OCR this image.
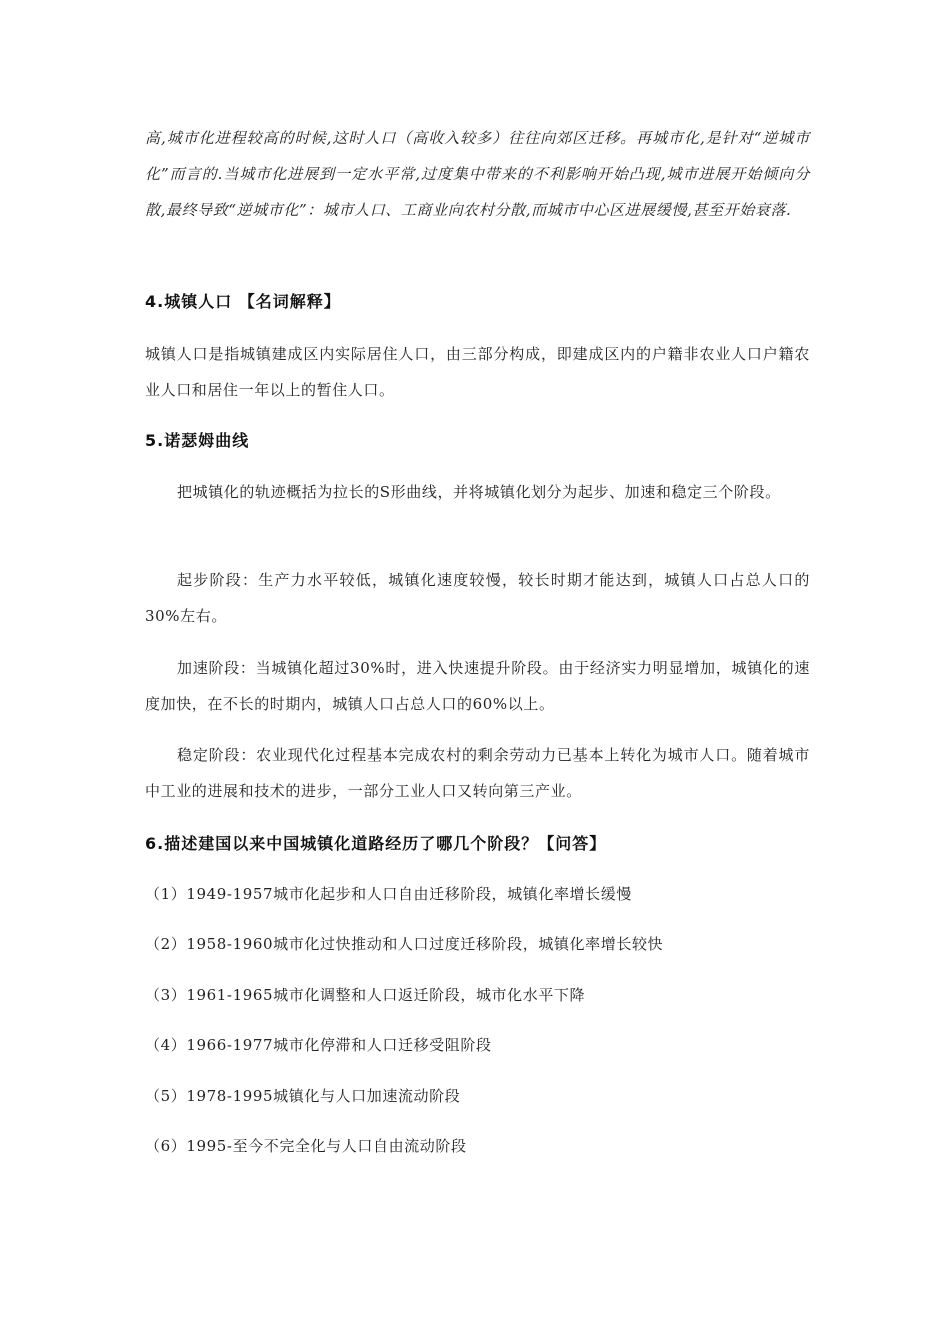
高,城市化进程较高的时候,这时人口（高收入较多）往往向郊区迁移。再城市化,是针对“逆城市化”而言的.当城市化进展到一定水平常,过度集中带来的不利影响开始凸现,城市进展开始倾向分散,最终导致“逆城市化”：城市人口、工商业向农村分散,而城市中心区进展缓慢,甚至开始衰落.

4.城镇人口 【名词解释】

城镇人口是指城镇建成区内实际居住人口，由三部分构成，即建成区内的户籍非农业人口户籍农业人口和居住一年以上的暂住人口。

5.诺瑟姆曲线

把城镇化的轨迹概括为拉长的S形曲线，并将城镇化划分为起步、加速和稳定三个阶段。

起步阶段：生产力水平较低，城镇化速度较慢，较长时期才能达到，城镇人口占总人口的30%左右。

加速阶段：当城镇化超过30%时，进入快速提升阶段。由于经济实力明显增加，城镇化的速度加快，在不长的时期内，城镇人口占总人口的60%以上。

稳定阶段：农业现代化过程基本完成农村的剩余劳动力已基本上转化为城市人口。随着城市中工业的进展和技术的进步，一部分工业人口又转向第三产业。

6.描述建国以来中国城镇化道路经历了哪几个阶段？【问答】

（1）1949-1957城市化起步和人口自由迁移阶段，城镇化率增长缓慢

（2）1958-1960城市化过快推动和人口过度迁移阶段，城镇化率增长较快

（3）1961-1965城市化调整和人口返迁阶段，城市化水平下降

（4）1966-1977城市化停滞和人口迁移受阻阶段

（5）1978-1995城镇化与人口加速流动阶段

（6）1995-至今不完全化与人口自由流动阶段
